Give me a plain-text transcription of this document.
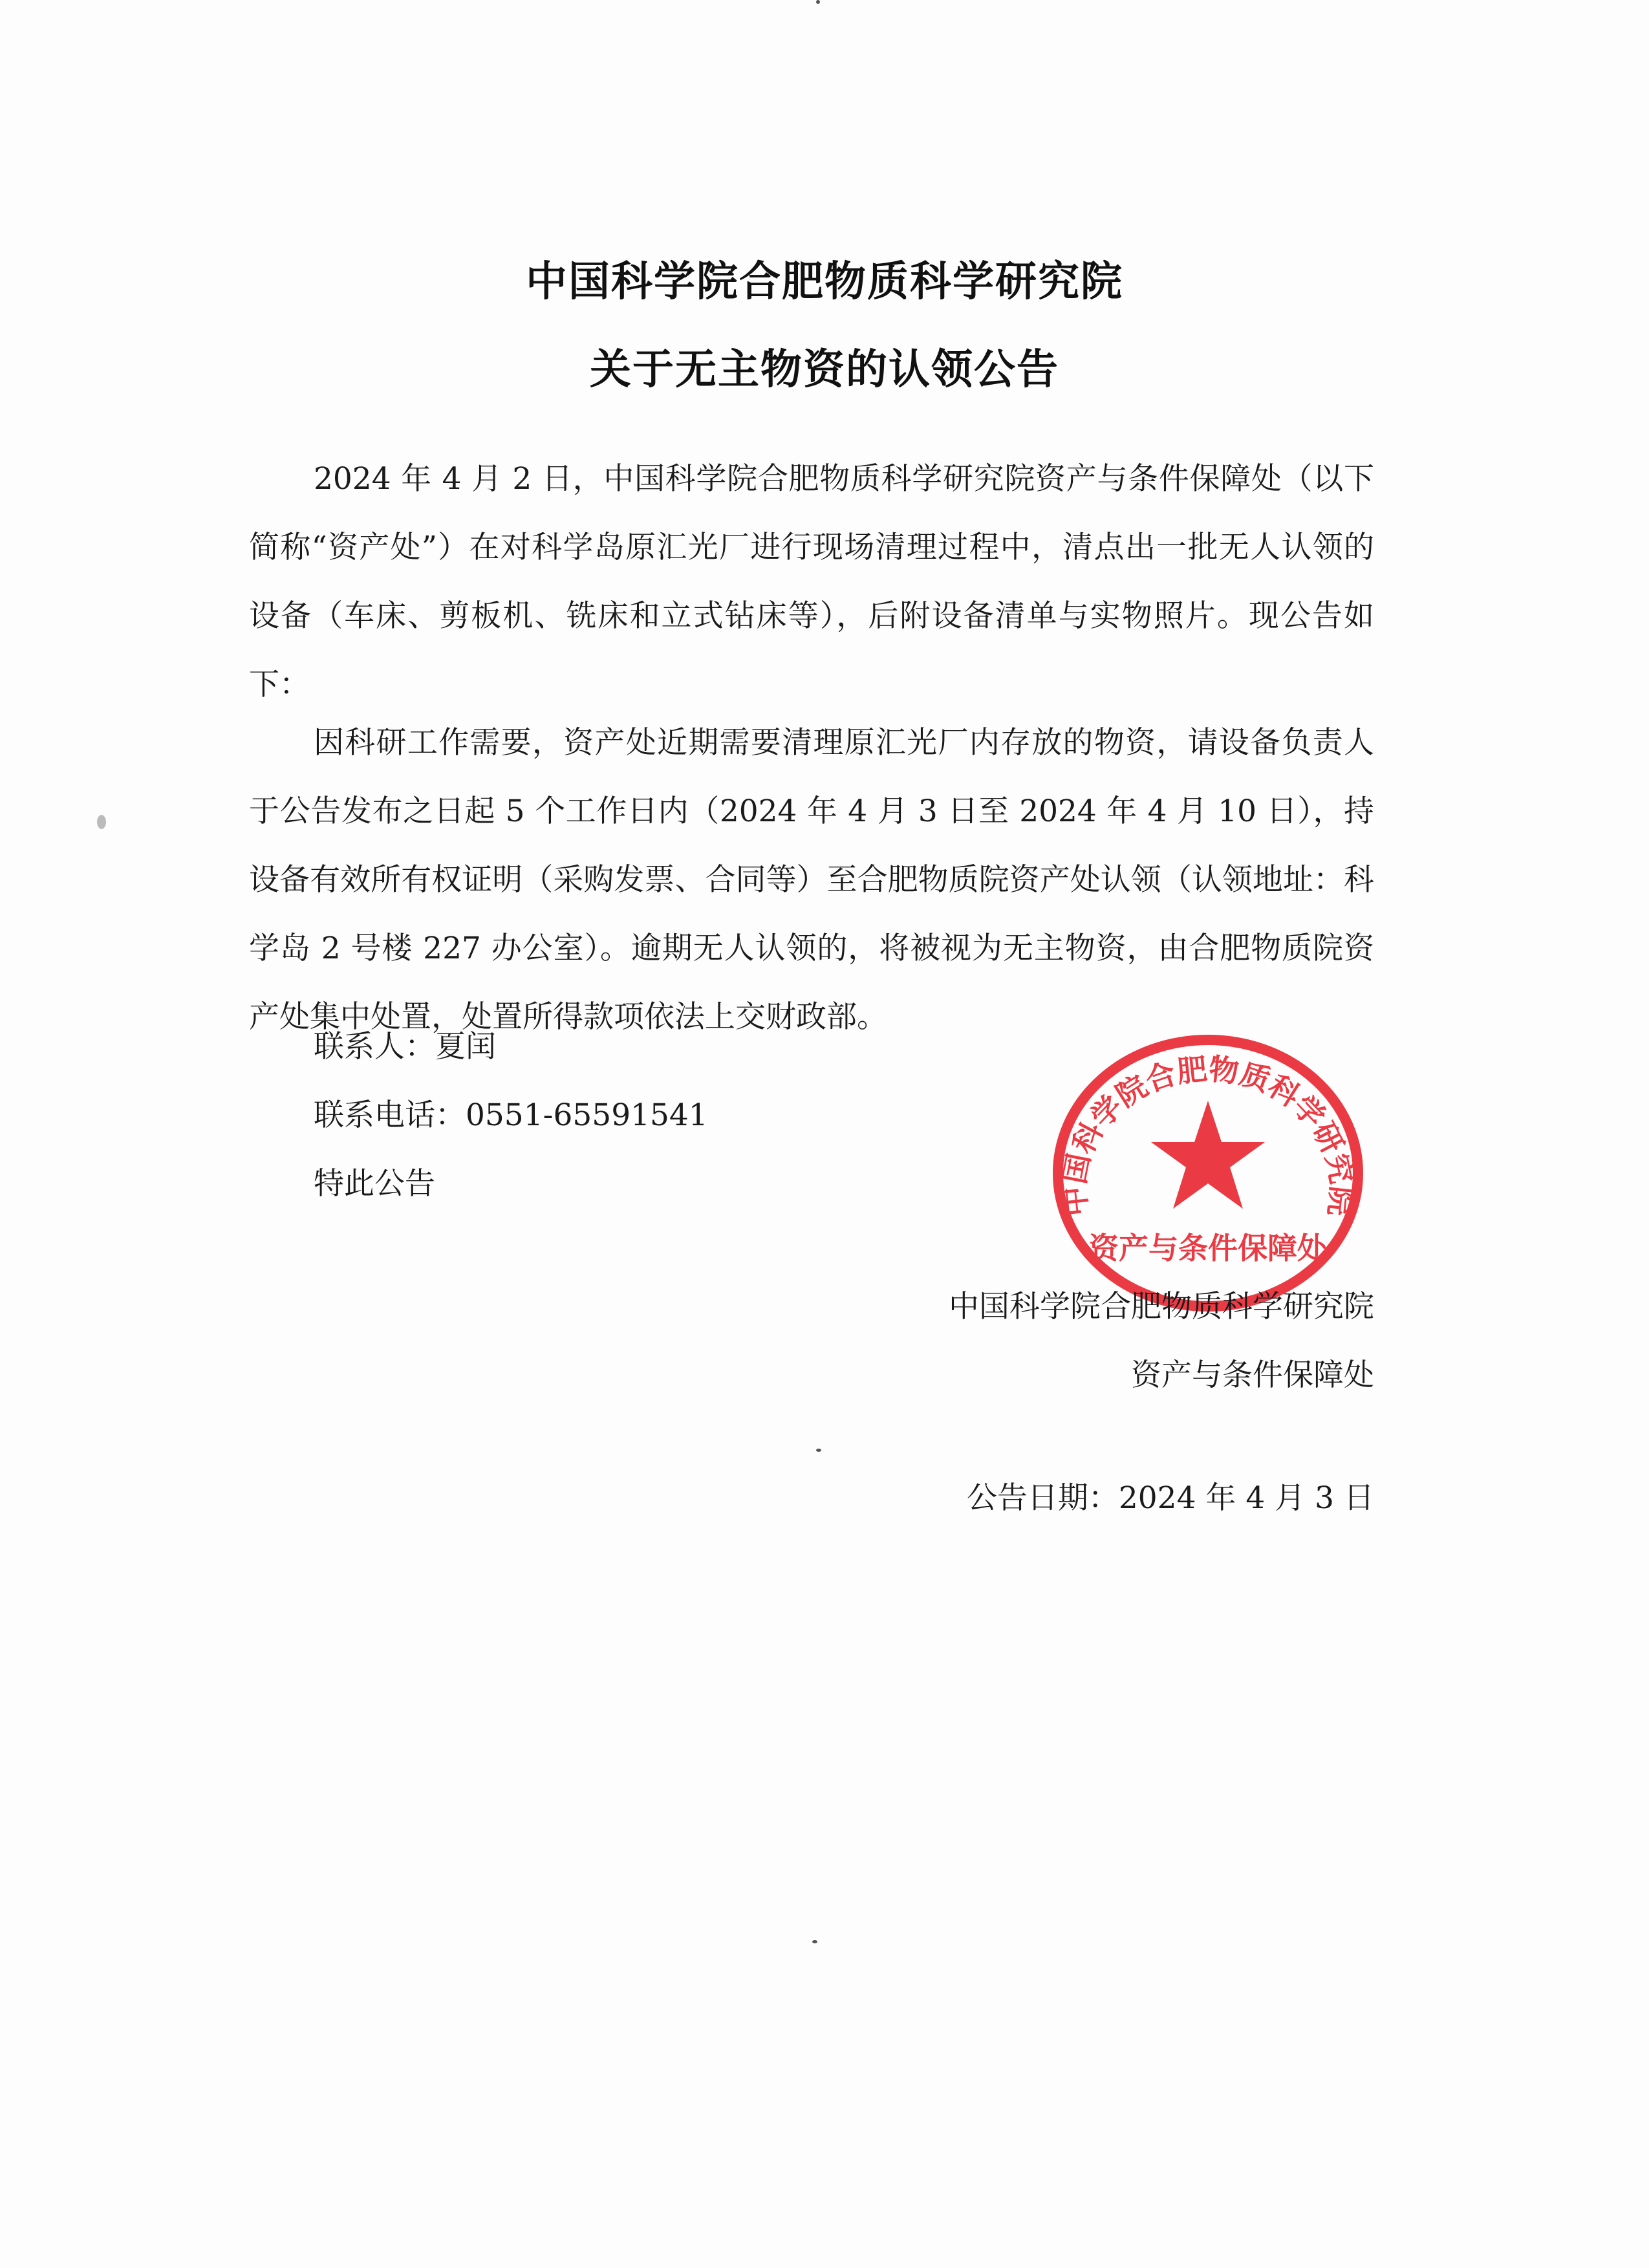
中国科学院合肥物质科学研究院
关于无主物资的认领公告

2024 年 4 月 2 日，中国科学院合肥物质科学研究院资产与条件保障处（以下简称“资产处”）在对科学岛原汇光厂进行现场清理过程中，清点出一批无人认领的设备（车床、剪板机、铣床和立式钻床等），后附设备清单与实物照片。现公告如下：

因科研工作需要，资产处近期需要清理原汇光厂内存放的物资，请设备负责人于公告发布之日起 5 个工作日内（2024 年 4 月 3 日至 2024 年 4 月 10 日），持设备有效所有权证明（采购发票、合同等）至合肥物质院资产处认领（认领地址：科学岛 2 号楼 227 办公室）。逾期无人认领的，将被视为无主物资，由合肥物质院资产处集中处置，处置所得款项依法上交财政部。

联系人：夏闰
联系电话：0551-65591541
特此公告	中国科学院合肥物质科学研究院
资产与条件保障处
中国科学院合肥物质科学研究院
资产与条件保障处
公告日期：2024 年 4 月 3 日
